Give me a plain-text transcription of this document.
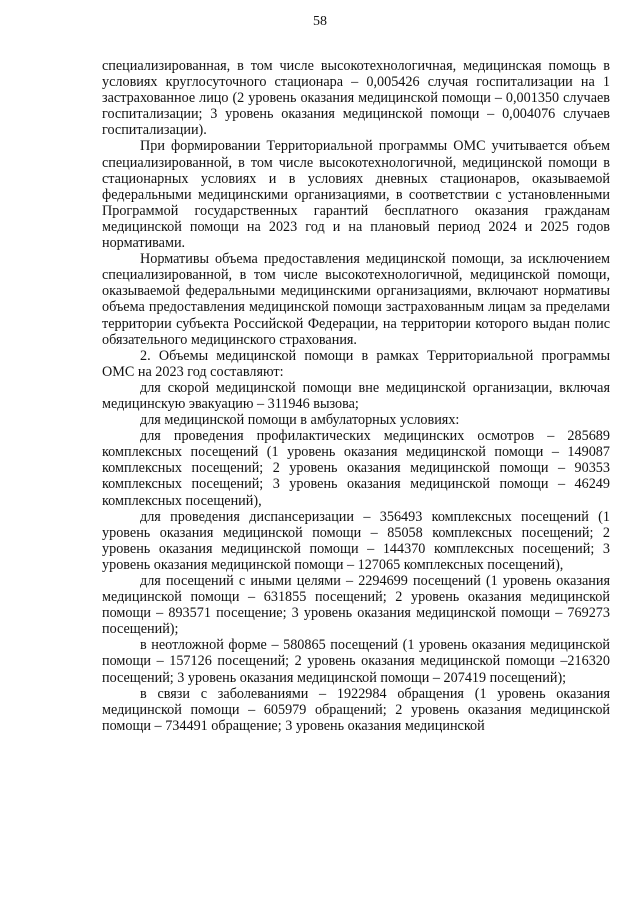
58

специализированная, в том числе высокотехнологичная, медицинская помощь в условиях круглосуточного стационара – 0,005426 случая госпитализации на 1 застрахованное лицо (2 уровень оказания медицинской помощи – 0,001350 случаев госпитализации; 3 уровень оказания медицинской помощи – 0,004076 случаев госпитализации).

При формировании Территориальной программы ОМС учитывается объем специализированной, в том числе высокотехнологичной, медицинской помощи в стационарных условиях и в условиях дневных стационаров, оказываемой федеральными медицинскими организациями, в соответствии с установленными Программой государственных гарантий бесплатного оказания гражданам медицинской помощи на 2023 год и на плановый период 2024 и 2025 годов нормативами.

Нормативы объема предоставления медицинской помощи, за исключением специализированной, в том числе высокотехнологичной, медицинской помощи, оказываемой федеральными медицинскими организациями, включают нормативы объема предоставления медицинской помощи застрахованным лицам за пределами территории субъекта Российской Федерации, на территории которого выдан полис обязательного медицинского страхования.

2. Объемы медицинской помощи в рамках Территориальной программы ОМС на 2023 год составляют:

для скорой медицинской помощи вне медицинской организации, включая медицинскую эвакуацию – 311946 вызова;

для медицинской помощи в амбулаторных условиях:

для проведения профилактических медицинских осмотров – 285689 комплексных посещений (1 уровень оказания медицинской помощи – 149087 комплексных посещений; 2 уровень оказания медицинской помощи – 90353 комплексных посещений; 3 уровень оказания медицинской помощи – 46249 комплексных посещений),

для проведения диспансеризации – 356493 комплексных посещений (1 уровень оказания медицинской помощи – 85058 комплексных посещений; 2 уровень оказания медицинской помощи – 144370 комплексных посещений; 3 уровень оказания медицинской помощи – 127065 комплексных посещений),

для посещений с иными целями – 2294699 посещений (1 уровень оказания медицинской помощи – 631855 посещений; 2 уровень оказания медицинской помощи – 893571 посещение; 3 уровень оказания медицинской помощи – 769273 посещений);

в неотложной форме – 580865 посещений (1 уровень оказания медицинской помощи – 157126 посещений; 2 уровень оказания медицинской помощи –216320 посещений; 3 уровень оказания медицинской помощи – 207419 посещений);

в связи с заболеваниями – 1922984 обращения (1 уровень оказания медицинской помощи – 605979 обращений; 2 уровень оказания медицинской помощи – 734491 обращение; 3 уровень оказания медицинской
